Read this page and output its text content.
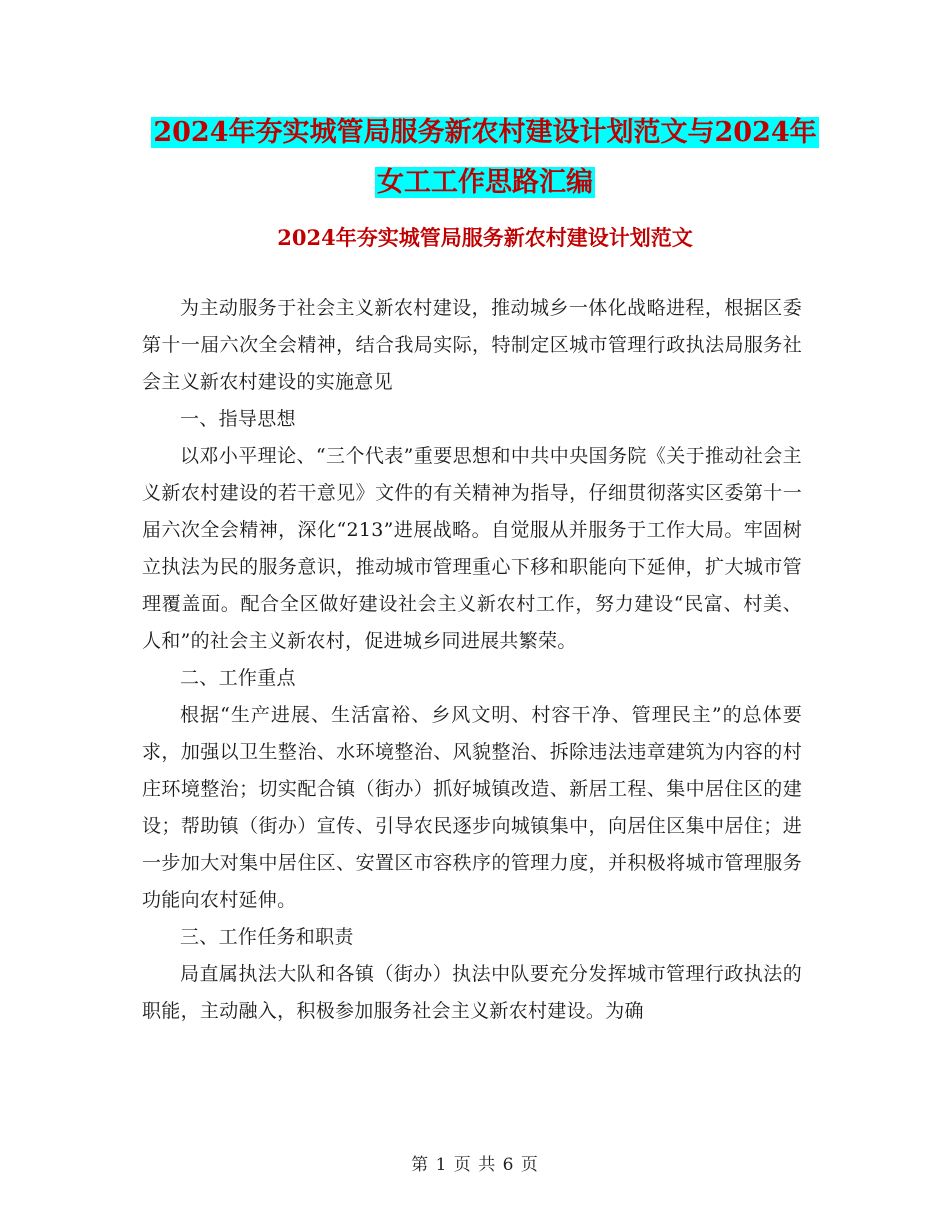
2024年夯实城管局服务新农村建设计划范文与2024年
女工工作思路汇编
2024年夯实城管局服务新农村建设计划范文

为主动服务于社会主义新农村建设，推动城乡一体化战略进程，根据区委第十一届六次全会精神，结合我局实际，特制定区城市管理行政执法局服务社会主义新农村建设的实施意见

一、指导思想

以邓小平理论、“三个代表”重要思想和中共中央国务院《关于推动社会主义新农村建设的若干意见》文件的有关精神为指导，仔细贯彻落实区委第十一届六次全会精神，深化“213”进展战略。自觉服从并服务于工作大局。牢固树立执法为民的服务意识，推动城市管理重心下移和职能向下延伸，扩大城市管理覆盖面。配合全区做好建设社会主义新农村工作，努力建设“民富、村美、人和”的社会主义新农村，促进城乡同进展共繁荣。

二、工作重点

根据“生产进展、生活富裕、乡风文明、村容干净、管理民主”的总体要求，加强以卫生整治、水环境整治、风貌整治、拆除违法违章建筑为内容的村庄环境整治；切实配合镇（街办）抓好城镇改造、新居工程、集中居住区的建设；帮助镇（街办）宣传、引导农民逐步向城镇集中，向居住区集中居住；进一步加大对集中居住区、安置区市容秩序的管理力度，并积极将城市管理服务功能向农村延伸。

三、工作任务和职责

局直属执法大队和各镇（街办）执法中队要充分发挥城市管理行政执法的职能，主动融入，积极参加服务社会主义新农村建设。为确

第 1 页 共 6 页
